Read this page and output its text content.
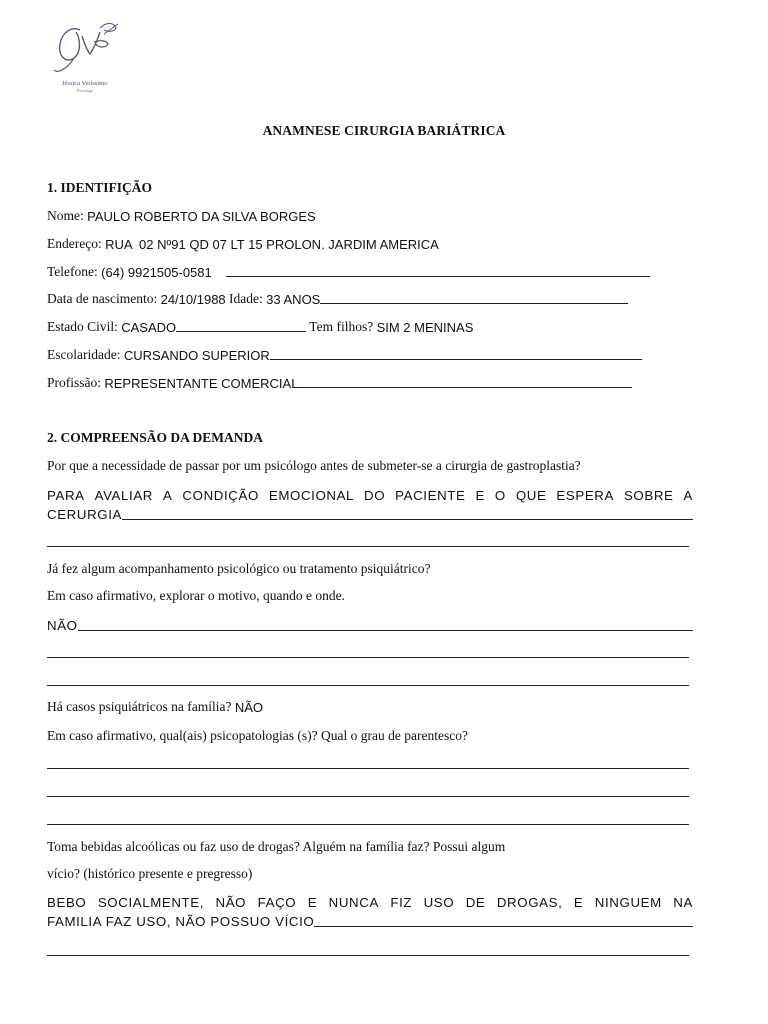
Jéssica Veríssimo
Psicóloga
ANAMNESE CIRURGIA BARIÁTRICA
1. IDENTIFIÇÃO
Nome: PAULO ROBERTO DA SILVA BORGES
Endereço: RUA  02 Nº91 QD 07 LT 15 PROLON. JARDIM AMERICA
Telefone: (64) 9921505-0581
Data de nascimento: 24/10/1988 Idade: 33 ANOS
Estado Civil: CASADO	Tem filhos? SIM 2 MENINAS
Escolaridade: CURSANDO SUPERIOR
Profissão: REPRESENTANTE COMERCIAL
2. COMPREENSÃO DA DEMANDA
Por que a necessidade de passar por um psicólogo antes de submeter-se a cirurgia de gastroplastia?
PARA AVALIAR A CONDIÇÃO EMOCIONAL DO PACIENTE E O QUE ESPERA SOBRE A
CERURGIA
Já fez algum acompanhamento psicológico ou tratamento psiquiátrico?
Em caso afirmativo, explorar o motivo, quando e onde.
NÃO
Há casos psiquiátricos na família? NÃO
Em caso afirmativo, qual(ais) psicopatologias (s)? Qual o grau de parentesco?
Toma bebidas alcoólicas ou faz uso de drogas? Alguém na família faz? Possui algum
vício? (histórico presente e pregresso)
BEBO SOCIALMENTE, NÃO FAÇO E NUNCA FIZ USO DE DROGAS, E NINGUEM NA
FAMILIA FAZ USO, NÃO POSSUO VÍCIO
